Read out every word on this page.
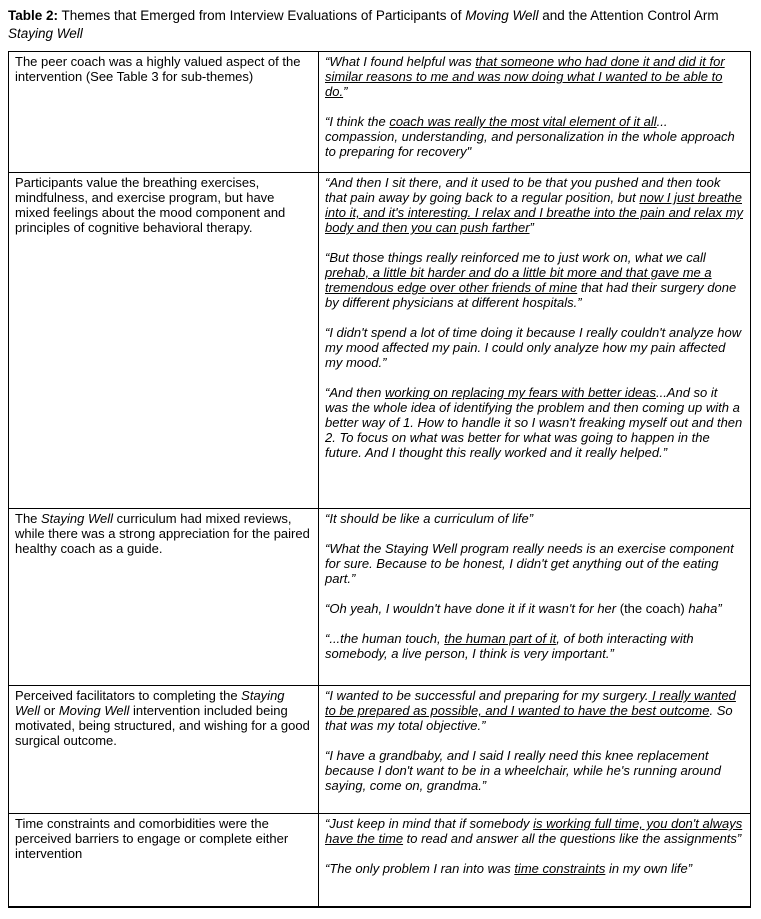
Table 2: Themes that Emerged from Interview Evaluations of Participants of Moving Well and the Attention Control Arm Staying Well

The peer coach was a highly valued aspect of the intervention (See Table 3 for sub-themes)	“What I found helpful was that someone who had done it and did it for similar reasons to me and was now doing what I wanted to be able to do.”

“I think the coach was really the most vital element of it all... compassion, understanding, and personalization in the whole approach to preparing for recovery"

Participants value the breathing exercises, mindfulness, and exercise program, but have mixed feelings about the mood component and principles of cognitive behavioral therapy.	“And then I sit there, and it used to be that you pushed and then took that pain away by going back to a regular position, but now I just breathe into it, and it's interesting. I relax and I breathe into the pain and relax my body and then you can push farther”

“But those things really reinforced me to just work on, what we call prehab, a little bit harder and do a little bit more and that gave me a tremendous edge over other friends of mine that had their surgery done by different physicians at different hospitals.”

“I didn't spend a lot of time doing it because I really couldn't analyze how my mood affected my pain. I could only analyze how my pain affected my mood.”

“And then working on replacing my fears with better ideas...And so it was the whole idea of identifying the problem and then coming up with a better way of 1. How to handle it so I wasn't freaking myself out and then 2. To focus on what was better for what was going to happen in the future. And I thought this really worked and it really helped.”

The Staying Well curriculum had mixed reviews, while there was a strong appreciation for the paired healthy coach as a guide.	“It should be like a curriculum of life”

“What the Staying Well program really needs is an exercise component for sure. Because to be honest, I didn't get anything out of the eating part.”

“Oh yeah, I wouldn't have done it if it wasn't for her (the coach) haha”

“...the human touch, the human part of it, of both interacting with somebody, a live person, I think is very important.”

Perceived facilitators to completing the Staying Well or Moving Well intervention included being motivated, being structured, and wishing for a good surgical outcome.	“I wanted to be successful and preparing for my surgery. I really wanted to be prepared as possible, and I wanted to have the best outcome. So that was my total objective.”

“I have a grandbaby, and I said I really need this knee replacement because I don't want to be in a wheelchair, while he's running around saying, come on, grandma.”

Time constraints and comorbidities were the perceived barriers to engage or complete either intervention	“Just keep in mind that if somebody is working full time, you don't always have the time to read and answer all the questions like the assignments”

“The only problem I ran into was time constraints in my own life”
